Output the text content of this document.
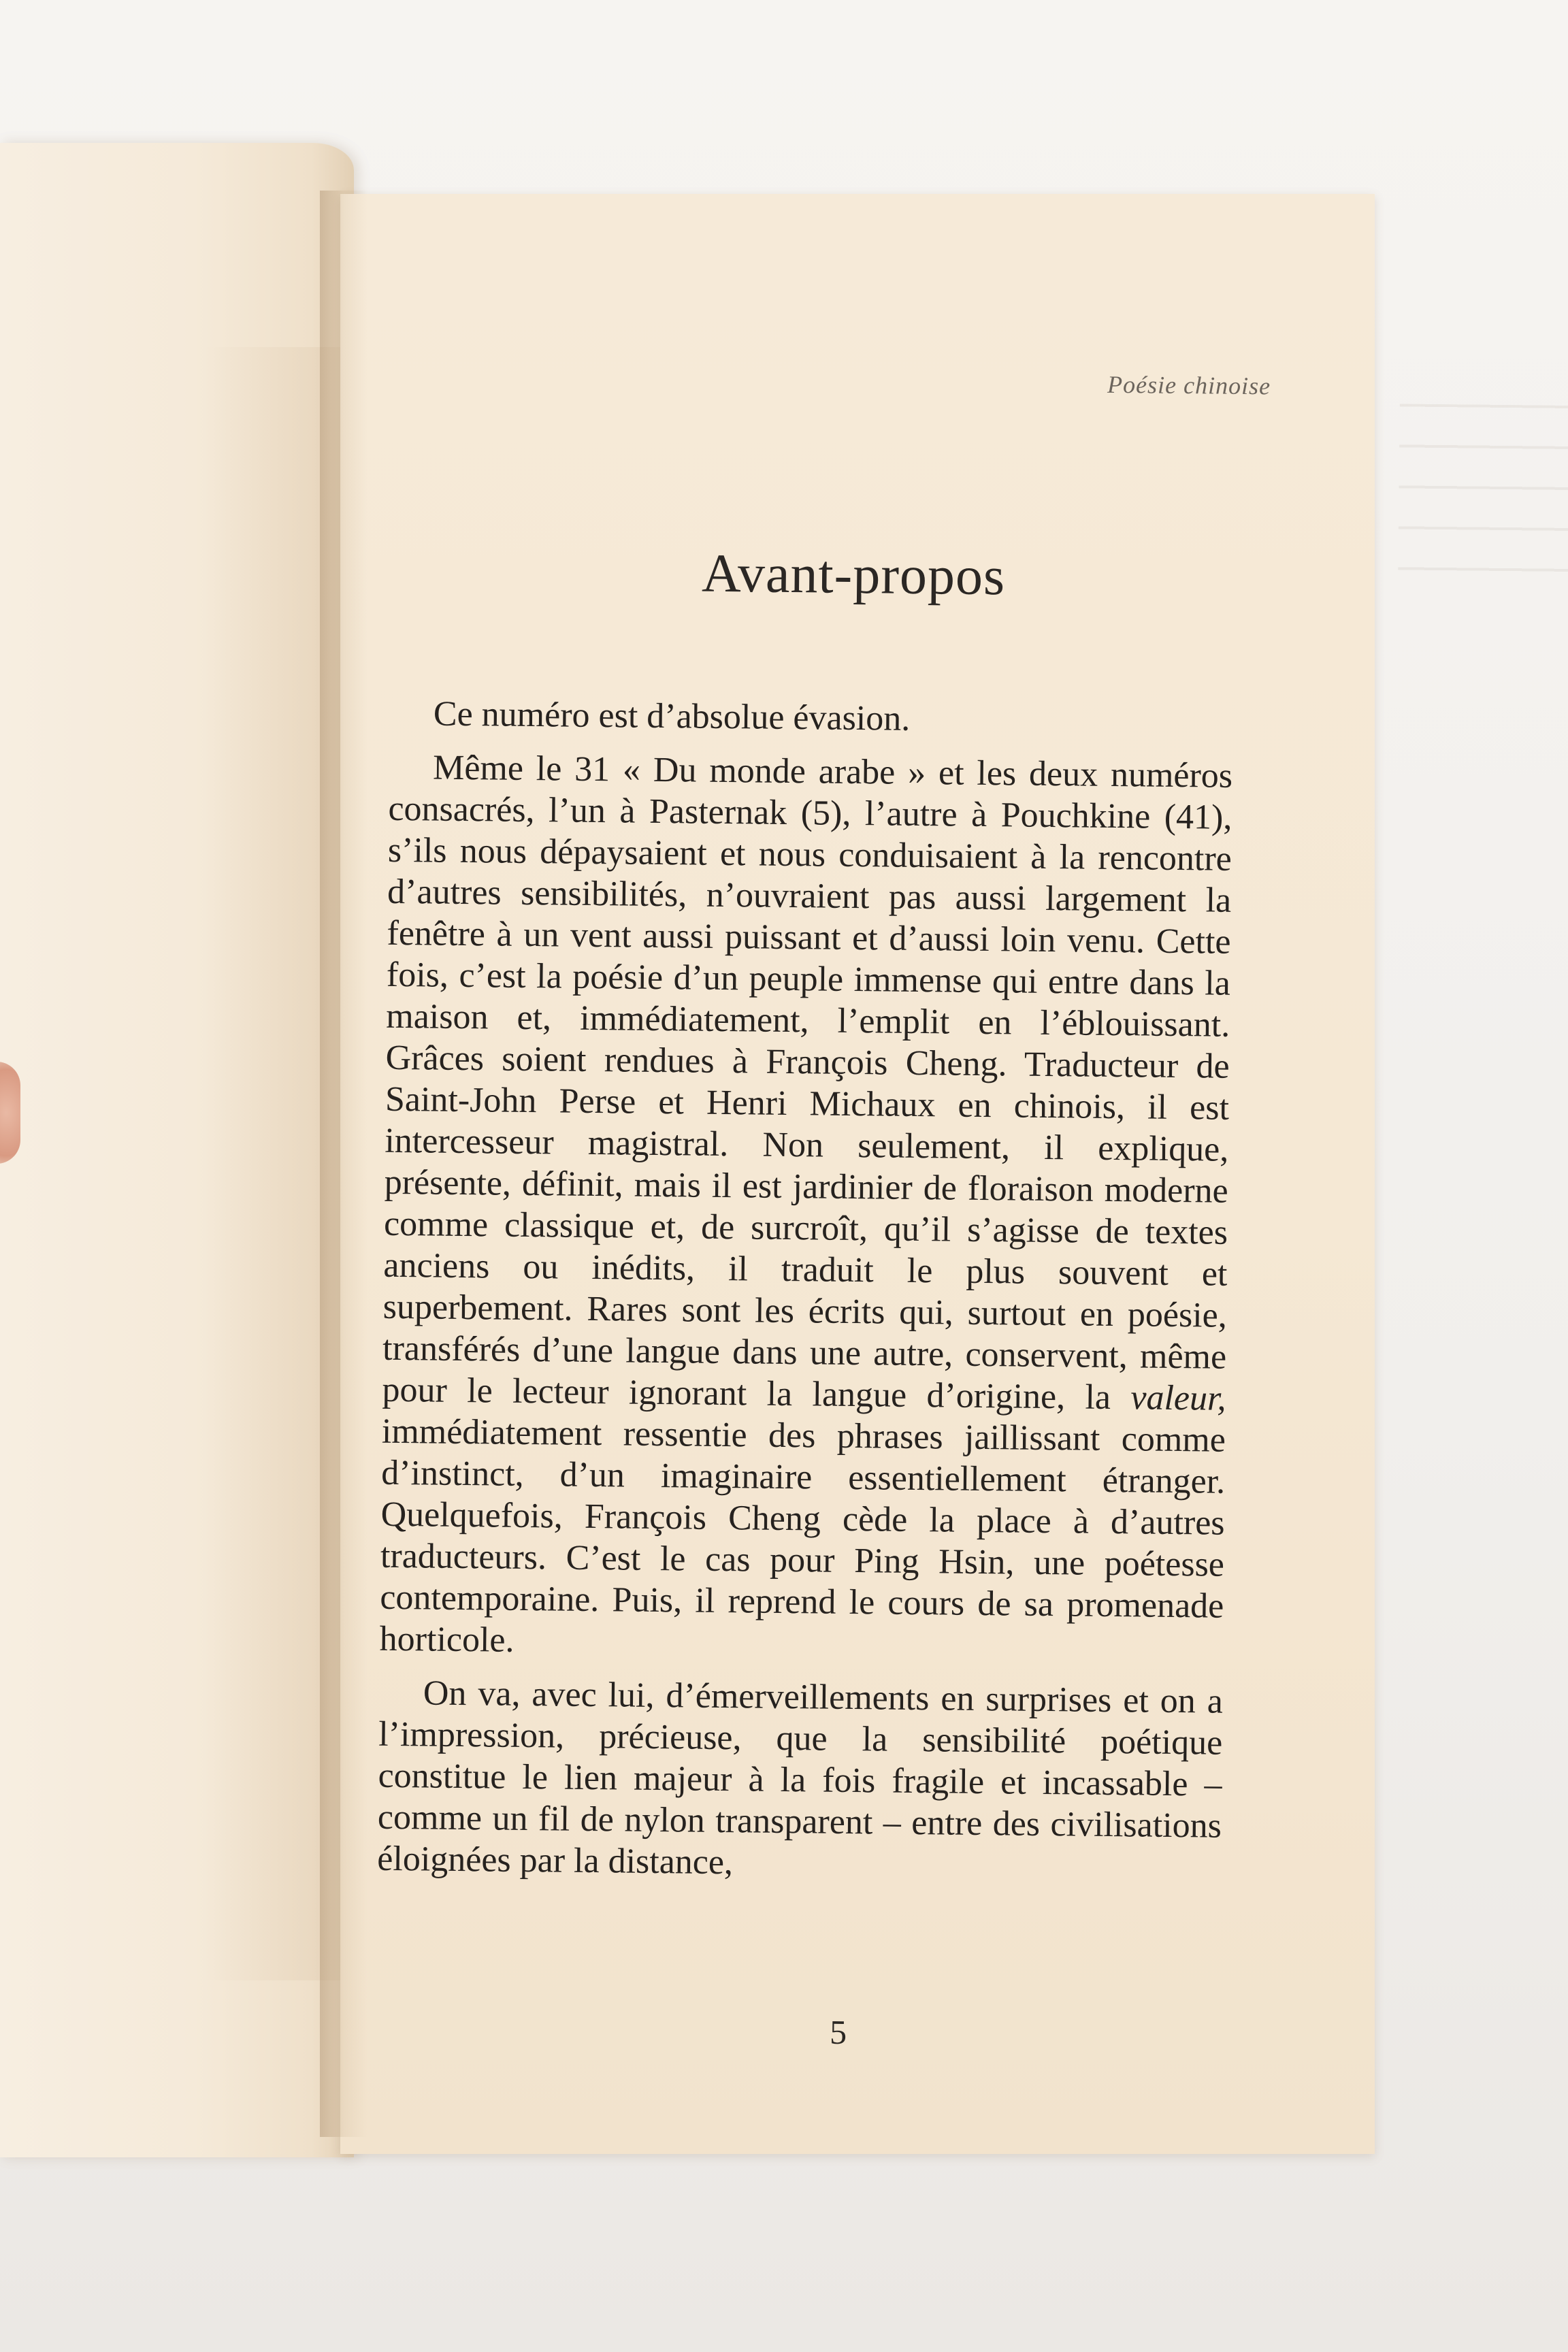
Poésie chinoise
Avant-propos

Ce numéro est d’absolue évasion.

Même le 31 « Du monde arabe » et les deux numéros consacrés, l’un à Pasternak (5), l’autre à Pouchkine (41), s’ils nous dépaysaient et nous conduisaient à la rencontre d’autres sensibilités, n’ouvraient pas aussi largement la fenêtre à un vent aussi puissant et d’aussi loin venu. Cette fois, c’est la poésie d’un peuple immense qui entre dans la maison et, immédiatement, l’emplit en l’éblouissant. Grâces soient rendues à François Cheng. Traducteur de Saint-John Perse et Henri Michaux en chinois, il est intercesseur magistral. Non seulement, il explique, présente, définit, mais il est jardinier de floraison moderne comme classique et, de surcroît, qu’il s’agisse de textes anciens ou inédits, il traduit le plus souvent et superbement. Rares sont les écrits qui, surtout en poésie, transférés d’une langue dans une autre, conservent, même pour le lecteur ignorant la langue d’origine, la valeur, immédiatement ressentie des phrases jaillissant comme d’instinct, d’un imaginaire essentiellement étranger. Quelquefois, François Cheng cède la place à d’autres traducteurs. C’est le cas pour Ping Hsin, une poétesse contemporaine. Puis, il reprend le cours de sa promenade horticole.

On va, avec lui, d’émerveillements en surprises et on a l’impression, précieuse, que la sensibilité poétique constitue le lien majeur à la fois fragile et incassable – comme un fil de nylon transparent – entre des civilisations éloignées par la distance,

5
